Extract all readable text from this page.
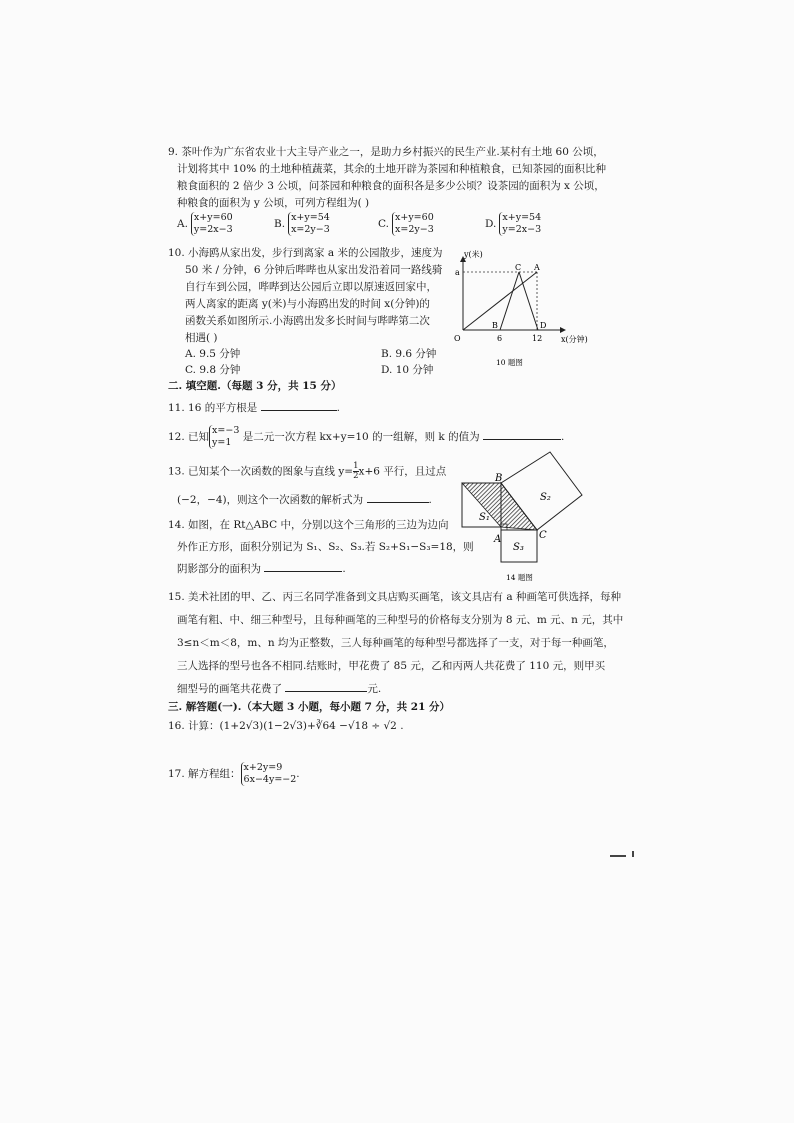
9. 茶叶作为广东省农业十大主导产业之一，是助力乡村振兴的民生产业.某村有土地 60 公顷，
计划将其中 10% 的土地种植蔬菜，其余的土地开辟为茶园和种植粮食，已知茶园的面积比种
粮食面积的 2 倍少 3 公顷，问茶园和种粮食的面积各是多少公顷？设茶园的面积为 x 公顷，
种粮食的面积为 y 公顷，可列方程组为( )
A. x+y=60
y=2x−3	B. x+y=54
x=2y−3	C. x+y=60
x=2y−3	D. x+y=54
y=2x−3
10. 小海鸥从家出发，步行到离家 a 米的公园散步，速度为
50 米 / 分钟，6 分钟后哔哔也从家出发沿着同一路线骑
自行车到公园，哔哔到达公园后立即以原速返回家中，
两人离家的距离 y(米)与小海鸥出发的时间 x(分钟)的
函数关系如图所示.小海鸥出发多长时间与哔哔第二次
相遇( )
A. 9.5 分钟	B. 9.6 分钟
C. 9.8 分钟	D. 10 分钟
y(米)
a
O	6	12
B
C A
D
x(分钟)
10 题图
二. 填空题.（每题 3 分，共 15 分）
11. 16 的平方根是	.
12. 已知
x=−3
y=1	是二元一次方程 kx+y=10 的一组解，则 k 的值为	.
13. 已知某个一次函数的图象与直线 $y= \frac{1}{2} x+6$ 平行，且过点
(−2，−4)，则这个一次函数的解析式为	.
14. 如图，在 Rt△ABC 中，分别以这个三角形的三边为边向
外作正方形，面积分别记为 S₁、S₂、S₃.若 S₂+S₁−S₃=18，则
阴影部分的面积为	.
B
A	C
S₁
S₂
S₃
14 题图
15. 美术社团的甲、乙、丙三名同学准备到文具店购买画笔，该文具店有 a 种画笔可供选择，每种
画笔有粗、中、细三种型号，且每种画笔的三种型号的价格每支分别为 8 元、m 元、n 元，其中
3≤n＜m＜8，m、n 均为正整数，三人每种画笔的每种型号都选择了一支，对于每一种画笔，
三人选择的型号也各不相同.结账时，甲花费了 85 元，乙和丙两人共花费了 110 元，则甲买
细型号的画笔共花费了	元.
三. 解答题(一).（本大题 3 小题，每小题 7 分，共 21 分）
16. 计算：(1+2√3)(1−2√3)+∛64 −√18 ÷ √2 .
17. 解方程组：
x+2y=9
6x−4y=−2 .
